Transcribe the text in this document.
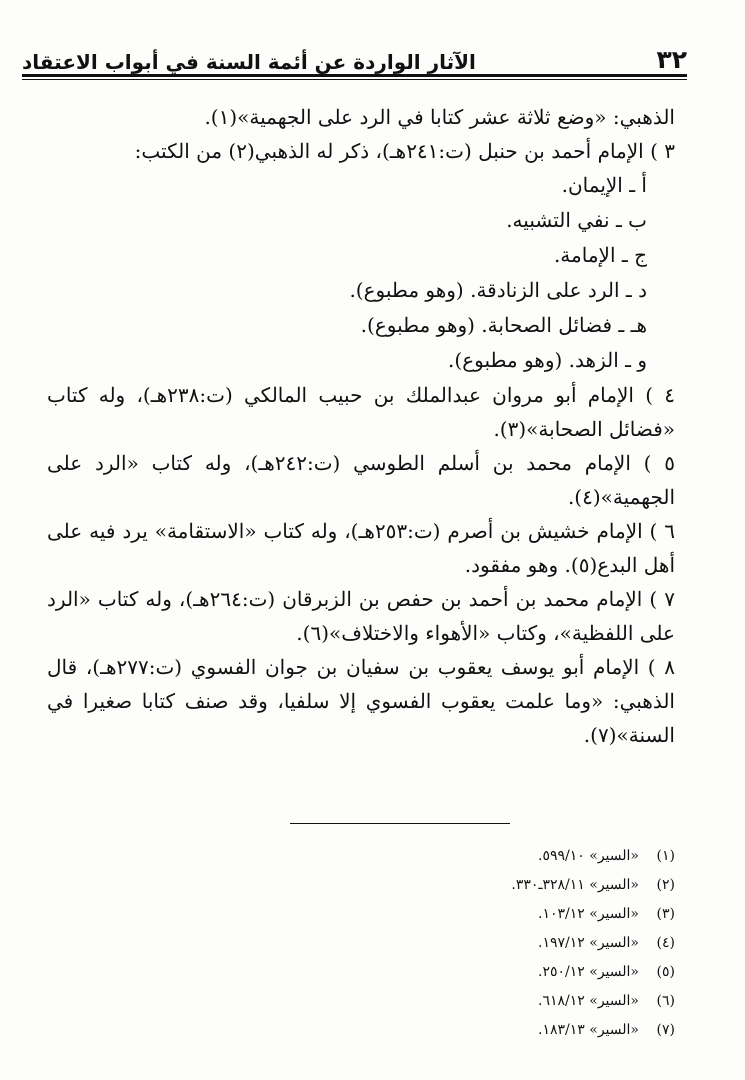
الآثار الواردة عن أئمة السنة في أبواب الاعتقاد	٣٢

الذهبي: «وضع ثلاثة عشر كتابا في الرد على الجهمية»(١).

٣ ) الإمام أحمد بن حنبل (ت:٢٤١هـ)، ذكر له الذهبي(٢) من الكتب:

أ ـ الإيمان.

ب ـ نفي التشبيه.

ج ـ الإمامة.

د ـ الرد على الزنادقة. (وهو مطبوع).

هـ ـ فضائل الصحابة. (وهو مطبوع).

و ـ الزهد. (وهو مطبوع).

٤ ) الإمام أبو مروان عبدالملك بن حبيب المالكي (ت:٢٣٨هـ)، وله كتاب «فضائل الصحابة»(٣).

٥ ) الإمام محمد بن أسلم الطوسي (ت:٢٤٢هـ)، وله كتاب «الرد على الجهمية»(٤).

٦ ) الإمام خشيش بن أصرم (ت:٢٥٣هـ)، وله كتاب «الاستقامة» يرد فيه على أهل البدع(٥). وهو مفقود.

٧ ) الإمام محمد بن أحمد بن حفص بن الزبرقان (ت:٢٦٤هـ)، وله كتاب «الرد على اللفظية»، وكتاب «الأهواء والاختلاف»(٦).

٨ ) الإمام أبو يوسف يعقوب بن سفيان بن جوان الفسوي (ت:٢٧٧هـ)، قال الذهبي: «وما علمت يعقوب الفسوي إلا سلفيا، وقد صنف كتابا صغيرا في السنة»(٧).

(١)
«السير» ٥٩٩/١٠.
(٢)
«السير» ٣٢٨/١١ـ٣٣٠.
(٣)
«السير» ١٠٣/١٢.
(٤)
«السير» ١٩٧/١٢.
(٥)
«السير» ٢٥٠/١٢.
(٦)
«السير» ٦١٨/١٢.
(٧)
«السير» ١٨٣/١٣.
